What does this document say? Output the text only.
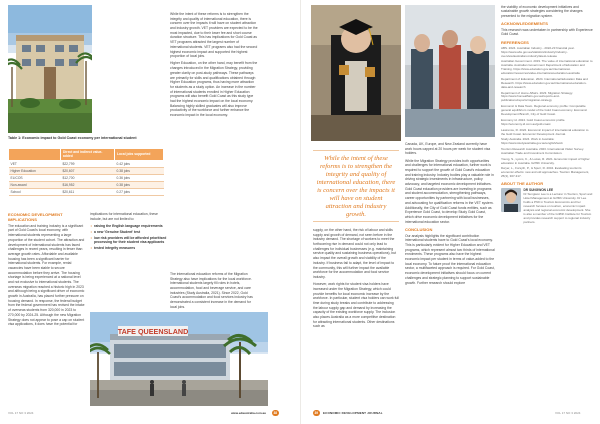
Table 1: Economic impact to Gold Coast economy per international student
	Direct and indirect value-added	Local jobs supported
VET	$22,799	0.42 jobs
Higher Education	$20,607	0.38 jobs
ELICOS	$12,700	0.36 jobs
Non-award	$16,952	0.38 jobs
School	$20,611	0.27 jobs
ECONOMIC DEVELOPMENT IMPLICATIONS

The education and training industry is a significant part of Gold Coast's local economy, with international students representing a large proportion of the student cohort. The attraction and development of international students has faced challenges in recent years, resulting in fewer than average growth rates. Affordable and available housing has been a significant barrier for international students. For example, rental vacancies have been stable to secure accommodation before they arrive. The housing shortage is being experienced at a national level and not exclusive to international students. The overseas migration reached a historic high in 2023 and although being a significant driver of economic growth in Australia, has placed further pressure on housing demand. In response, the federal budget from the federal government has revised the intake of overseas students from 320,000 in 2023 to 270,000 by 2024-25. Although the new Migration Strategy does not appear to pose a cap on student visa applications, it does have the potential for

implications for international education, these include, but are not limited to:

• raising the English language requirements
• a new 'Genuine Student' test
• low risk providers will be afforded prioritised processing for their student visa applicants
• tested integrity measures

While the intent of these reforms is to strengthen the integrity and quality of international education, there is concern over the impacts it will have on student attraction and industry growth. VET providers are expected to be the most impacted, due to their lower fee and short course duration structure. This has implications for Gold Coast as VET programs attracted the largest number of international students. VET programs also had the second highest economic impact and supported the highest proportion of local jobs.

Higher Education, on the other hand, may benefit from the changes introduced in the Migration Strategy, providing greater clarity on post-study pathways. These pathways are primarily for skills and qualifications obtained through Higher Education programs, thus having more attraction for students as a study option. An increase in the number of international students enrolled in Higher Education programs will also benefit Gold Coast as this study type had the highest economic impact on the local economy. Balancing highly skilled graduates will also improve productivity of the workforce and further enhance the economic impact in the local economy.

The international education reforms of the Migration Strategy also have implications for the local workforce. International students largely fill roles in hotels, accommodation, food and beverage service, and care industries (Study Australia, 2021). Since 2022, Gold Coast's accommodation and food services industry has demonstrated a consistent increase in the demand for local jobs.

TAFE QUEENSLAND
VOL 17 NO 3 2024	www.edaustralia.com.au	38
While the intent of these reforms is to strengthen the integrity and quality of international education, there is concern over the impacts it will have on student attraction and industry growth.

supply, on the other hand, the risk of labour and skills supply and growth of demand, not seen before in the industry demand. The shortage of workers to meet the forthcoming rise in demand could not only lead to challenges for individual businesses (e.g. maintaining service quality and sustaining business operations), but also impact the overall growth and viability of the industry. If business fail to adapt, the level of impact to the community, this will further impact the available workforce for the accommodation and food service industry.

However, work rights for student visa holders have increased under the Migration Strategy, which could provide benefits for local economic increase by the workforce. In particular, student visa holders can work full time during study breaks and contribute to addressing the labour supply gap and demand by increasing the capacity of the existing workforce supply. The inclusion also places Australia as a more competitive destination for attracting international students. Other destinations such as

Canada, UK, Europe, and New Zealand currently have work hours capped at 20 hours per week for student visa holders.

While the Migration Strategy provides both opportunities and challenges for international education, further work is required to support the growth of Gold Coast's education and training industry. Industry bodies play a valuable role in driving strategic investments in infrastructure, policy advocacy, and targeted economic development initiatives. Gold Coast education providers are investing in programs and student accommodation, strengthening pathways, career opportunities by partnering with local businesses, and advocating for qualification reforms in the VET system. Additionally, the City of Gold Coast funds entities, such as Experience Gold Coast, to develop Study Gold Coast, which drive economic development initiatives for the international education sector.

CONCLUSION

Our analysis highlights the significant contribution international students have to Gold Coast's local economy. This is particularly evident for Higher Education and VET programs, which represent almost two thirds of international enrolments. These programs also have the highest economic impact per student in terms of value-added to the local economy. To future proof the international education sector, a multifaceted approach is required. For Gold Coast, economic development initiatives should focus on current challenges and strategic planning to support sustainable growth. Further research should explore

the viability of economic development initiatives and sustainable growth strategies considering the changes presented to the migration system.

ACKNOWLEDGEMENTS

This research was undertaken in partnership with Experience Gold Coast.

REFERENCES

ABS. 2024. Australian Industry - 2022-23 financial year. https://www.abs.gov.au/statistics/industry/industry-overview/australian-industry/latest-release

Australian Government. 2019. The value of international education to Australia. Australian Government Department of Education and Training. https://www.education.gov.au/international-education/resources/value-international-education-australia

Department of Education. 2024. International Education Data and Research. https://www.education.gov.au/international-education-data-and-research

Department of Home Affairs. 2023. Migration Strategy. https://www.homeaffairs.gov.au/reports-and-publications/reports/migration-strategy

Economic & Data Team. Regional economy profile: Computable general equilibrium model of the Gold Coast economy. Economic Development Branch, City of Gold Coast.

Economy id. 2024. Gold Coast economic profile. https://economy.id.com.au/gold-coast

Lawrence, R. 2022. Economic impact of international education to the Gold Coast. Economic Development Journal.

Study Australia. 2024. Work in Australia: https://www.studyaustralia.gov.au/english/work

Tourism Research Australia. 2023. International Visitor Survey. Australian Trade and Investment Commission.

Young, S., Lyons, K., & Lucas, R. 2021. Economic impact of higher education in Australia. Griffith University.

Dwyer, L., Forsyth, P., & Spurr, R. 2004. Evaluating tourism's economic effects: new and old approaches. Tourism Management, 25(3), 307-317.

ABOUT THE AUTHOR
DR SUNGWON LEE
Dr Sungwon Lee is a Lecturer in Tourism, Sport and Hotel Management at Griffith University. Dr Lee holds a PhD in Tourism Economics and her research focuses on tourism, economic impact analysis and regional economic development. She is also a member of the Griffith Institute for Tourism and provides research support to regional industry partners.
39	ECONOMIC DEVELOPMENT JOURNAL	VOL 17 NO 3 2024
